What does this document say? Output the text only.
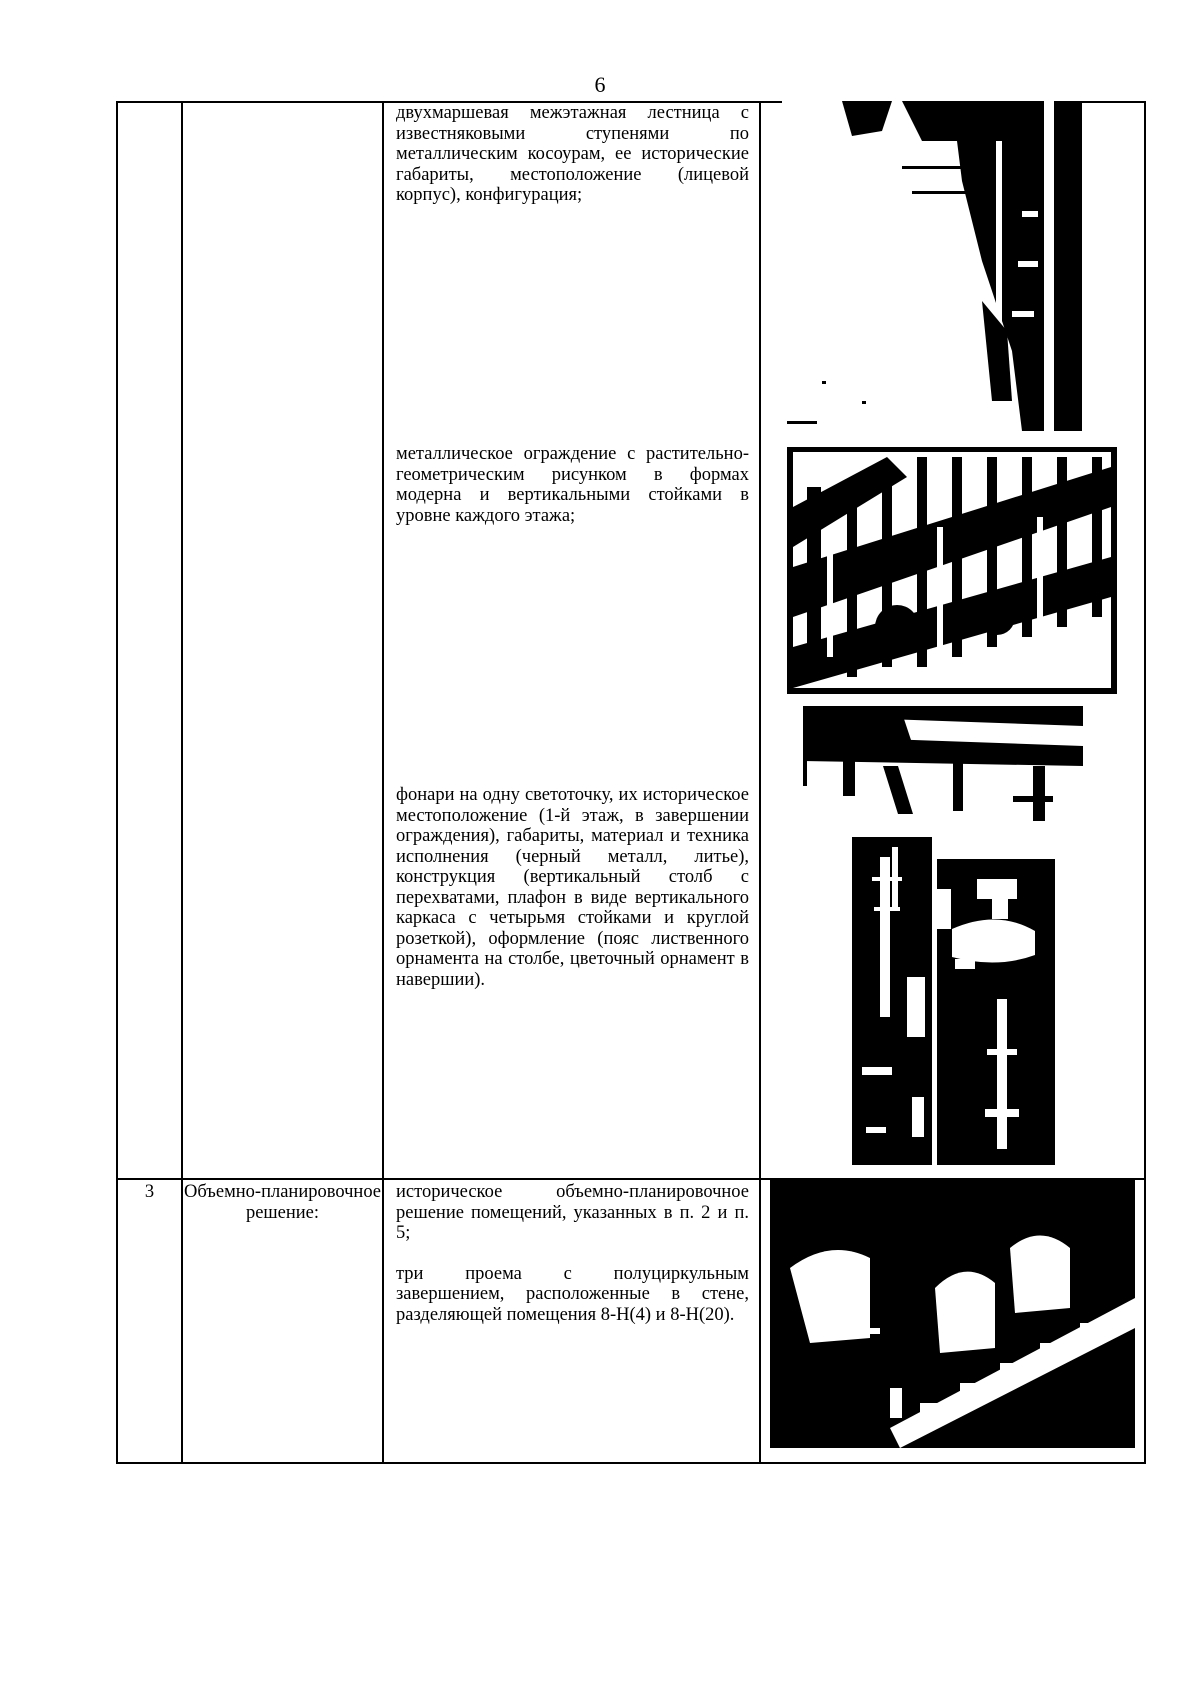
6

		двухмаршевая межэтажная лестница с известняковыми ступенями по металлическим косоурам, ее исторические габариты, местоположение (лицевой корпус), конфигурация;
металлическое ограждение с растительно-геометрическим рисунком в формах модерна и вертикальными стойками в уровне каждого этажа;
фонари на одну светоточку, их историческое местоположение (1-й этаж, в завершении ограждения), габариты, материал и техника исполнения (черный металл, литье), конструкция (вертикальный столб с перехватами, плафон в виде вертикального каркаса с четырьмя стойками и круглой розеткой), оформление (пояс лиственного орнамента на столбе, цветочный орнамент в навершии).	

3	Объемно-планировочное решение:	историческое объемно-планировочное решение помещений, указанных в п. 2 и п. 5;
три проема с полуциркульным завершением, расположенные в стене, разделяющей помещения 8-Н(4) и 8-Н(20).	
